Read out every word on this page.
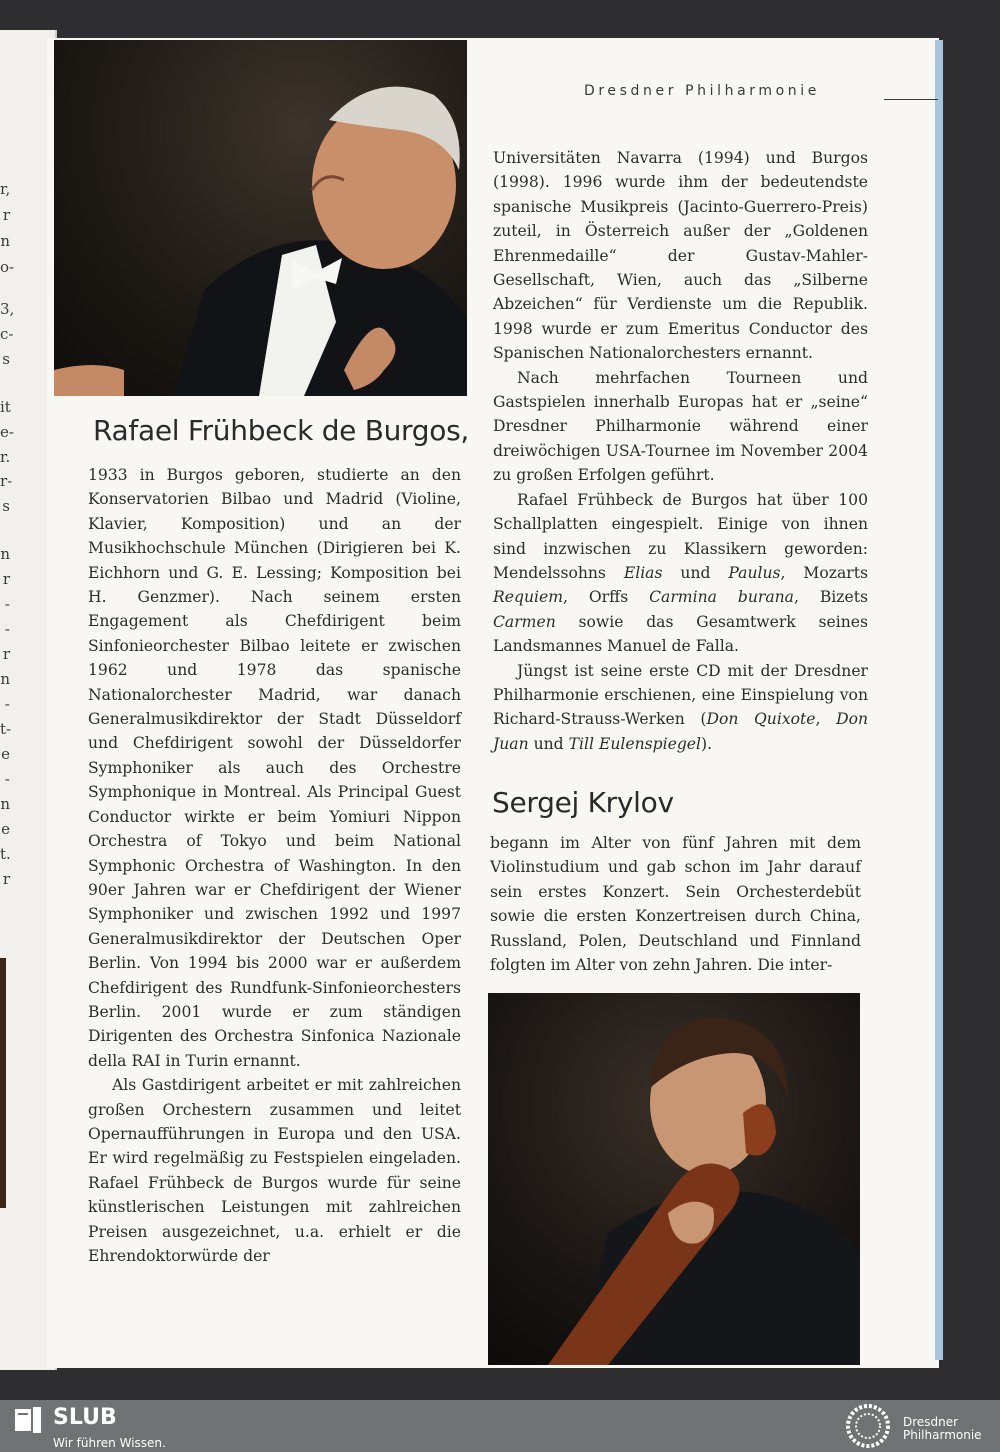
r,
r
n
o-
3,
c-
s
it
e-
r.
r-
s
n
r
-
-
r
n
-
t-
e
-
n
e
t.
r
Dresdner Philharmonie
Rafael Frühbeck de Burgos,

1933 in Burgos geboren, studierte an den Konservatorien Bilbao und Madrid (Violine, Klavier, Komposition) und an der Musikhochschule München (Dirigieren bei K. Eichhorn und G. E. Lessing; Komposition bei H. Genzmer). Nach seinem ersten Engagement als Chefdirigent beim Sinfonieorchester Bilbao leitete er zwischen 1962 und 1978 das spanische Nationalorchester Madrid, war danach Generalmusikdirektor der Stadt Düsseldorf und Chefdirigent sowohl der Düsseldorfer Symphoniker als auch des Orchestre Symphonique in Montreal. Als Principal Guest Conductor wirkte er beim Yomiuri Nippon Orchestra of Tokyo und beim National Symphonic Orchestra of Washington. In den 90er Jahren war er Chefdirigent der Wiener Symphoniker und zwischen 1992 und 1997 Generalmusikdirektor der Deutschen Oper Berlin. Von 1994 bis 2000 war er außerdem Chefdirigent des Rundfunk-Sinfonieorchesters Berlin. 2001 wurde er zum ständigen Dirigenten des Orchestra Sinfonica Nazionale della RAI in Turin ernannt.

Als Gastdirigent arbeitet er mit zahlreichen großen Orchestern zusammen und leitet Opernaufführungen in Europa und den USA. Er wird regelmäßig zu Festspielen eingeladen. Rafael Frühbeck de Burgos wurde für seine künstlerischen Leistungen mit zahlreichen Preisen ausgezeichnet, u.a. erhielt er die Ehrendoktorwürde der

Universitäten Navarra (1994) und Burgos (1998). 1996 wurde ihm der bedeutendste spanische Musikpreis (Jacinto-Guerrero-Preis) zuteil, in Österreich außer der „Goldenen Ehrenmedaille“ der Gustav-Mahler-Gesellschaft, Wien, auch das „Silberne Abzeichen“ für Verdienste um die Republik. 1998 wurde er zum Emeritus Conductor des Spanischen Nationalorchesters ernannt.

Nach mehrfachen Tourneen und Gastspielen innerhalb Europas hat er „seine“ Dresdner Philharmonie während einer dreiwöchigen USA-Tournee im November 2004 zu großen Erfolgen geführt.

Rafael Frühbeck de Burgos hat über 100 Schallplatten eingespielt. Einige von ihnen sind inzwischen zu Klassikern geworden: Mendelssohns Elias und Paulus, Mozarts Requiem, Orffs Carmina burana, Bizets Carmen sowie das Gesamtwerk seines Landsmannes Manuel de Falla.

Jüngst ist seine erste CD mit der Dresdner Philharmonie erschienen, eine Einspielung von Richard-Strauss-Werken (Don Quixote, Don Juan und Till Eulenspiegel).

Sergej Krylov

begann im Alter von fünf Jahren mit dem Violinstudium und gab schon im Jahr darauf sein erstes Konzert. Sein Orchesterdebüt sowie die ersten Konzertreisen durch China, Russland, Polen, Deutschland und Finnland folgten im Alter von zehn Jahren. Die inter-

SLUB
Wir führen Wissen.
Dresdner
Philharmonie
